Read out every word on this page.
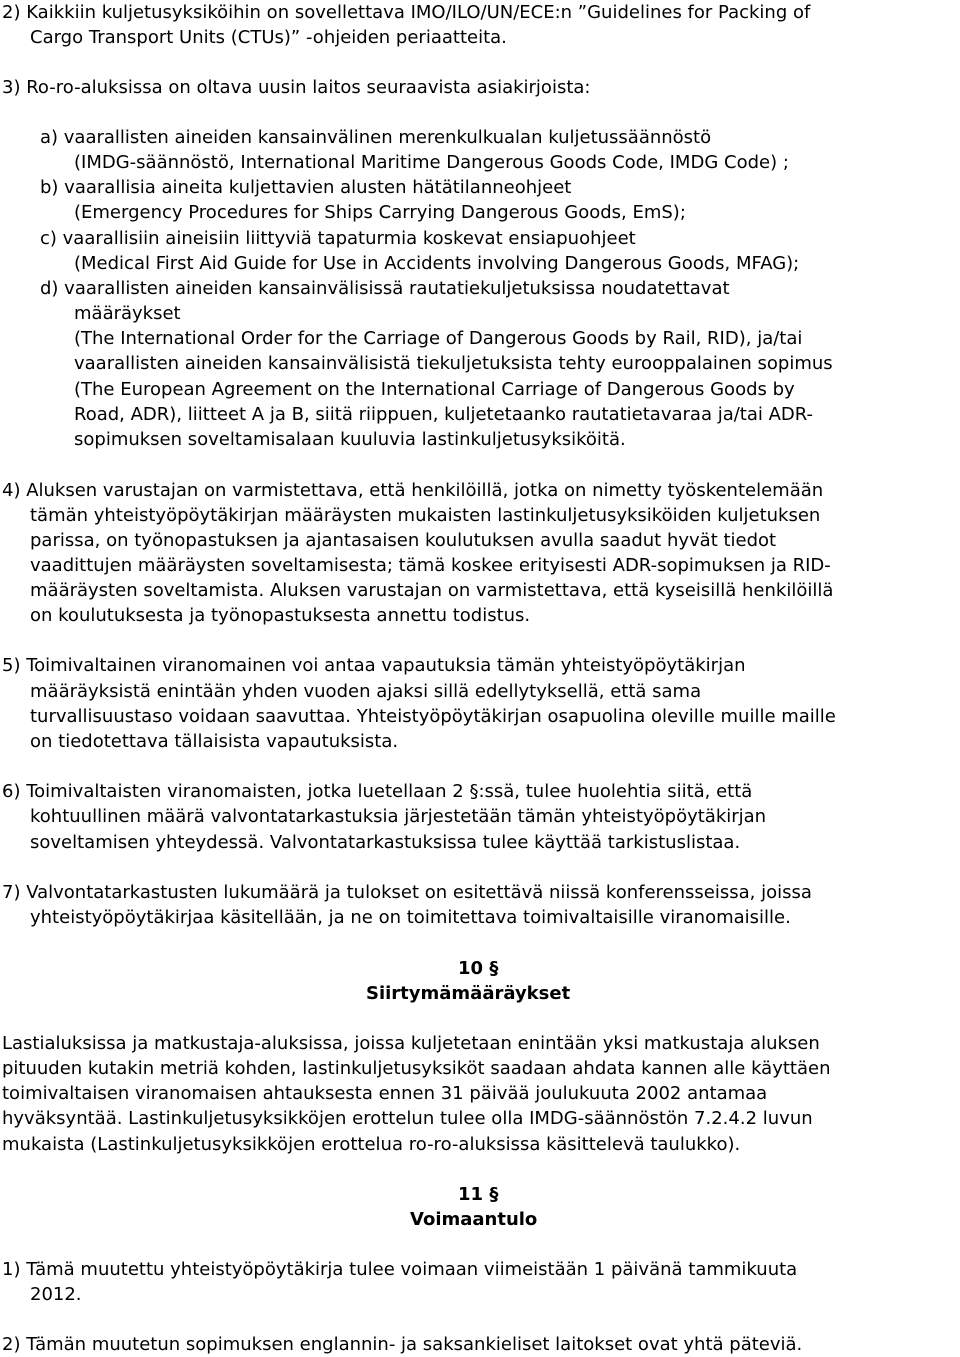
2) Kaikkiin kuljetusyksiköihin on sovellettava IMO/ILO/UN/ECE:n ”Guidelines for Packing of
Cargo Transport Units (CTUs)” -ohjeiden periaatteita.
3) Ro-ro-aluksissa on oltava uusin laitos seuraavista asiakirjoista:
a) vaarallisten aineiden kansainvälinen merenkulkualan kuljetussäännöstö
(IMDG-säännöstö, International Maritime Dangerous Goods Code, IMDG Code) ;
b) vaarallisia aineita kuljettavien alusten hätätilanneohjeet
(Emergency Procedures for Ships Carrying Dangerous Goods, EmS);
c) vaarallisiin aineisiin liittyviä tapaturmia koskevat ensiapuohjeet
(Medical First Aid Guide for Use in Accidents involving Dangerous Goods, MFAG);
d) vaarallisten aineiden kansainvälisissä rautatiekuljetuksissa noudatettavat
määräykset
(The International Order for the Carriage of Dangerous Goods by Rail, RID), ja/tai
vaarallisten aineiden kansainvälisistä tiekuljetuksista tehty eurooppalainen sopimus
(The European Agreement on the International Carriage of Dangerous Goods by
Road, ADR), liitteet A ja B, siitä riippuen, kuljetetaanko rautatietavaraa ja/tai ADR-
sopimuksen soveltamisalaan kuuluvia lastinkuljetusyksiköitä.
4) Aluksen varustajan on varmistettava, että henkilöillä, jotka on nimetty työskentelemään
tämän yhteistyöpöytäkirjan määräysten mukaisten lastinkuljetusyksiköiden kuljetuksen
parissa, on työnopastuksen ja ajantasaisen koulutuksen avulla saadut hyvät tiedot
vaadittujen määräysten soveltamisesta; tämä koskee erityisesti ADR-sopimuksen ja RID-
määräysten soveltamista. Aluksen varustajan on varmistettava, että kyseisillä henkilöillä
on koulutuksesta ja työnopastuksesta annettu todistus.
5) Toimivaltainen viranomainen voi antaa vapautuksia tämän yhteistyöpöytäkirjan
määräyksistä enintään yhden vuoden ajaksi sillä edellytyksellä, että sama
turvallisuustaso voidaan saavuttaa. Yhteistyöpöytäkirjan osapuolina oleville muille maille
on tiedotettava tällaisista vapautuksista.
6) Toimivaltaisten viranomaisten, jotka luetellaan 2 §:ssä, tulee huolehtia siitä, että
kohtuullinen määrä valvontatarkastuksia järjestetään tämän yhteistyöpöytäkirjan
soveltamisen yhteydessä. Valvontatarkastuksissa tulee käyttää tarkistuslistaa.
7) Valvontatarkastusten lukumäärä ja tulokset on esitettävä niissä konferensseissa, joissa
yhteistyöpöytäkirjaa käsitellään, ja ne on toimitettava toimivaltaisille viranomaisille.
10 §
Siirtymämääräykset
Lastialuksissa ja matkustaja-aluksissa, joissa kuljetetaan enintään yksi matkustaja aluksen
pituuden kutakin metriä kohden, lastinkuljetusyksiköt saadaan ahdata kannen alle käyttäen
toimivaltaisen viranomaisen ahtauksesta ennen 31 päivää joulukuuta 2002 antamaa
hyväksyntää. Lastinkuljetusyksikköjen erottelun tulee olla IMDG-säännöstön 7.2.4.2 luvun
mukaista (Lastinkuljetusyksikköjen erottelua ro-ro-aluksissa käsittelevä taulukko).
11 §
Voimaantulo
1) Tämä muutettu yhteistyöpöytäkirja tulee voimaan viimeistään 1 päivänä tammikuuta
2012.
2) Tämän muutetun sopimuksen englannin- ja saksankieliset laitokset ovat yhtä päteviä.
